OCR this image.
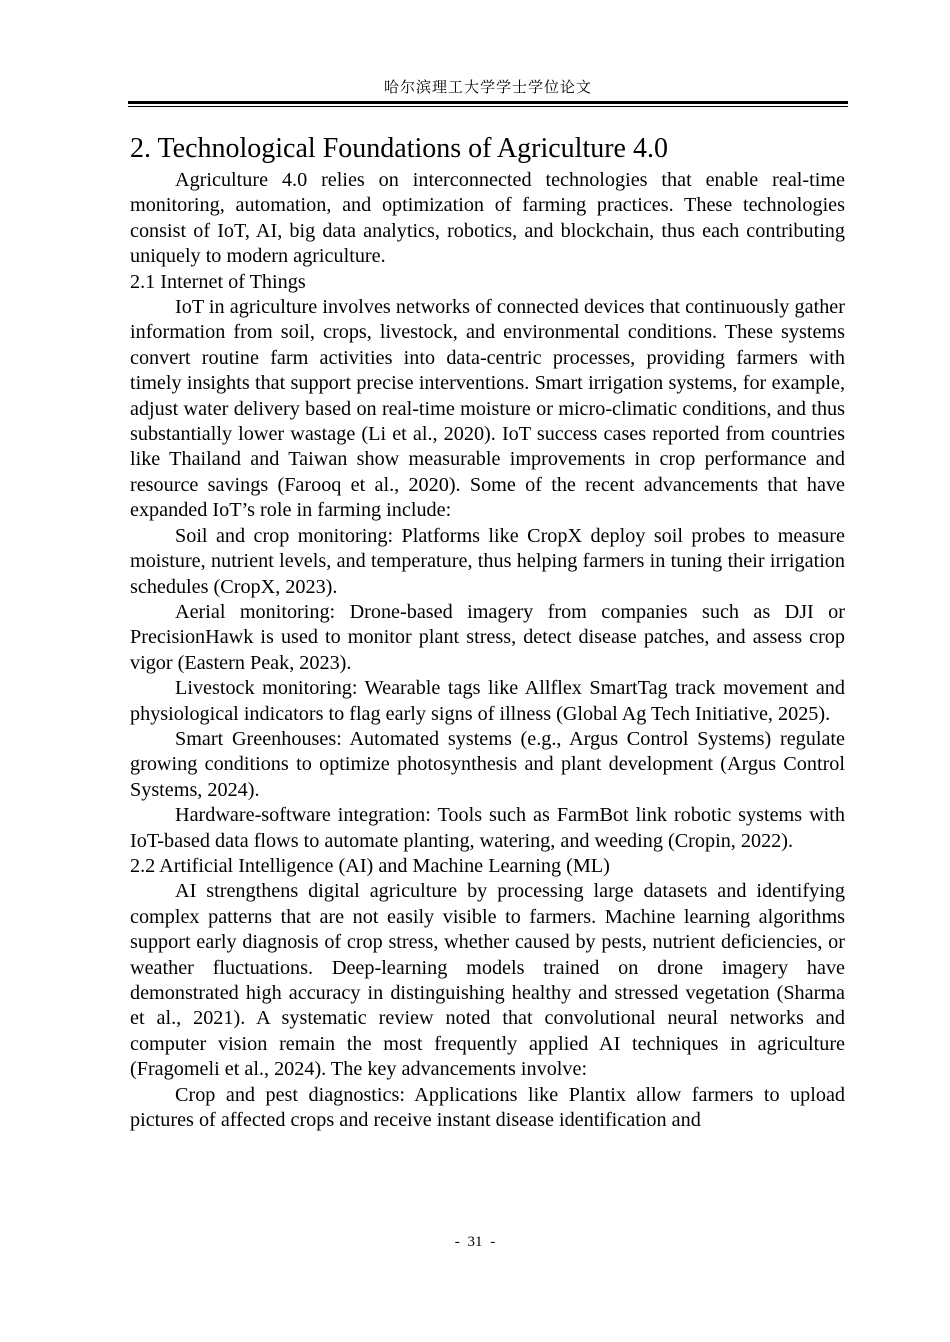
哈尔滨理工大学学士学位论文
2. Technological Foundations of Agriculture 4.0

Agriculture 4.0 relies on interconnected technologies that enable real-time monitoring, automation, and optimization of farming practices. These technologies consist of IoT, AI, big data analytics, robotics, and blockchain, thus each contributing uniquely to modern agriculture.

2.1 Internet of Things

IoT in agriculture involves networks of connected devices that continuously gather information from soil, crops, livestock, and environmental conditions. These systems convert routine farm activities into data-centric processes, providing farmers with timely insights that support precise interventions. Smart irrigation systems, for example, adjust water delivery based on real-time moisture or micro-climatic conditions, and thus substantially lower wastage (Li et al., 2020). IoT success cases reported from countries like Thailand and Taiwan show measurable improvements in crop performance and resource savings (Farooq et al., 2020). Some of the recent advancements that have expanded IoT’s role in farming include:

Soil and crop monitoring: Platforms like CropX deploy soil probes to measure moisture, nutrient levels, and temperature, thus helping farmers in tuning their irrigation schedules (CropX, 2023).

Aerial monitoring: Drone-based imagery from companies such as DJI or PrecisionHawk is used to monitor plant stress, detect disease patches, and assess crop vigor (Eastern Peak, 2023).

Livestock monitoring: Wearable tags like Allflex SmartTag track movement and physiological indicators to flag early signs of illness (Global Ag Tech Initiative, 2025).

Smart Greenhouses: Automated systems (e.g., Argus Control Systems) regulate growing conditions to optimize photosynthesis and plant development (Argus Control Systems, 2024).

Hardware-software integration: Tools such as FarmBot link robotic systems with IoT-based data flows to automate planting, watering, and weeding (Cropin, 2022).

2.2 Artificial Intelligence (AI) and Machine Learning (ML)

AI strengthens digital agriculture by processing large datasets and identifying complex patterns that are not easily visible to farmers. Machine learning algorithms support early diagnosis of crop stress, whether caused by pests, nutrient deficiencies, or weather fluctuations. Deep-learning models trained on drone imagery have demonstrated high accuracy in distinguishing healthy and stressed vegetation (Sharma et al., 2021). A systematic review noted that convolutional neural networks and computer vision remain the most frequently applied AI techniques in agriculture (Fragomeli et al., 2024). The key advancements involve:

Crop and pest diagnostics: Applications like Plantix allow farmers to upload pictures of affected crops and receive instant disease identification and

- 31 -
